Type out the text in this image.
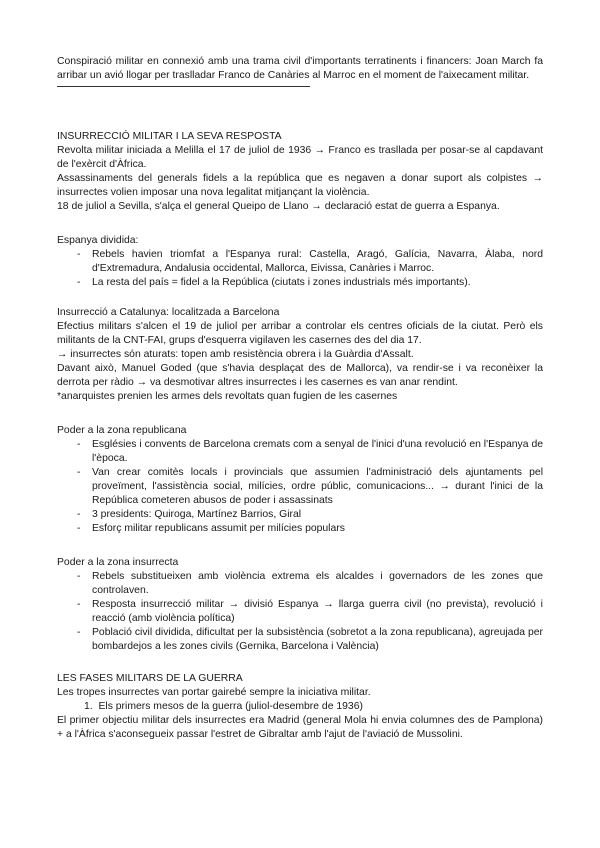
Conspiració militar en connexió amb una trama civil d'importants terratinents i financers: Joan March fa arribar un avió llogar per traslladar Franco de Canàries al Marroc en el moment de l'aixecament militar.

INSURRECCIÓ MILITAR I LA SEVA RESPOSTA

Revolta militar iniciada a Melilla el 17 de juliol de 1936 → Franco es trasllada per posar-se al capdavant de l'exèrcit d'Àfrica.

Assassinaments del generals fidels a la república que es negaven a donar suport als colpistes → insurrectes volien imposar una nova legalitat mitjançant la violència.

18 de juliol a Sevilla, s'alça el general Queipo de Llano → declaració estat de guerra a Espanya.

Espanya dividida:

- Rebels havien triomfat a l'Espanya rural: Castella, Aragó, Galícia, Navarra, Àlaba, nord d'Extremadura, Andalusia occidental, Mallorca, Eivissa, Canàries i Marroc.
- La resta del país = fidel a la República (ciutats i zones industrials més importants).

Insurrecció a Catalunya: localitzada a Barcelona

Efectius militars s'alcen el 19 de juliol per arribar a controlar els centres oficials de la ciutat. Però els militants de la CNT-FAI, grups d'esquerra vigilaven les casernes des del dia 17.

→ insurrectes són aturats: topen amb resistència obrera i la Guàrdia d'Assalt.

Davant això, Manuel Goded (que s'havia desplaçat des de Mallorca), va rendir-se i va reconèixer la derrota per ràdio → va desmotivar altres insurrectes i les casernes es van anar rendint.

*anarquistes prenien les armes dels revoltats quan fugien de les casernes

Poder a la zona republicana

- Esglésies i convents de Barcelona cremats com a senyal de l'inici d'una revolució en l'Espanya de l'època.
- Van crear comitès locals i provincials que assumien l'administració dels ajuntaments pel proveïment, l'assistència social, milícies, ordre públic, comunicacions... → durant l'inici de la República cometeren abusos de poder i assassinats
- 3 presidents: Quiroga, Martínez Barrios, Giral
- Esforç militar republicans assumit per milícies populars

Poder a la zona insurrecta

- Rebels substitueixen amb violència extrema els alcaldes i governadors de les zones que controlaven.
- Resposta insurrecció militar → divisió Espanya → llarga guerra civil (no prevista), revolució i reacció (amb violència política)
- Població civil dividida, dificultat per la subsistència (sobretot a la zona republicana), agreujada per bombardejos a les zones civils (Gernika, Barcelona i València)

LES FASES MILITARS DE LA GUERRA

Les tropes insurrectes van portar gairebé sempre la iniciativa militar.

1. Els primers mesos de la guerra (juliol-desembre de 1936)

El primer objectiu militar dels insurrectes era Madrid (general Mola hi envia columnes des de Pamplona) + a l'Àfrica s'aconsegueix passar l'estret de Gibraltar amb l'ajut de l'aviació de Mussolini.
